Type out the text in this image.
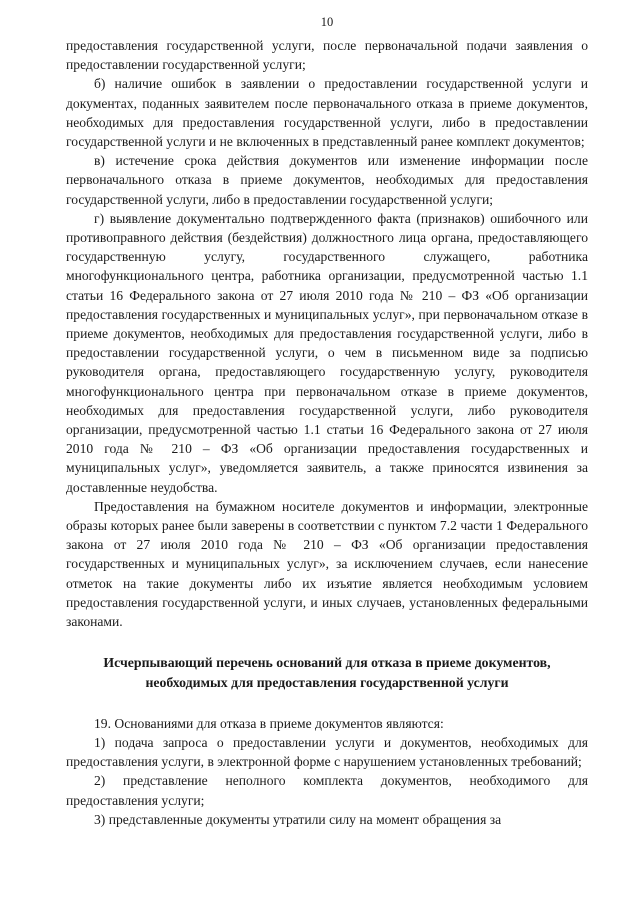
10

предоставления государственной услуги, после первоначальной подачи заявления о предоставлении государственной услуги;

б) наличие ошибок в заявлении о предоставлении государственной услуги и документах, поданных заявителем после первоначального отказа в приеме документов, необходимых для предоставления государственной услуги, либо в предоставлении государственной услуги и не включенных в представленный ранее комплект документов;

в) истечение срока действия документов или изменение информации после первоначального отказа в приеме документов, необходимых для предоставления государственной услуги, либо в предоставлении государственной услуги;

г) выявление документально подтвержденного факта (признаков) ошибочного или противоправного действия (бездействия) должностного лица органа, предоставляющего государственную услугу, государственного служащего, работника многофункционального центра, работника организации, предусмотренной частью 1.1 статьи 16 Федерального закона от 27 июля 2010 года № 210 – ФЗ «Об организации предоставления государственных и муниципальных услуг», при первоначальном отказе в приеме документов, необходимых для предоставления государственной услуги, либо в предоставлении государственной услуги, о чем в письменном виде за подписью руководителя органа, предоставляющего государственную услугу, руководителя многофункционального центра при первоначальном отказе в приеме документов, необходимых для предоставления государственной услуги, либо руководителя организации, предусмотренной частью 1.1 статьи 16 Федерального закона от 27 июля 2010 года № 210 – ФЗ «Об организации предоставления государственных и муниципальных услуг», уведомляется заявитель, а также приносятся извинения за доставленные неудобства.

Предоставления на бумажном носителе документов и информации, электронные образы которых ранее были заверены в соответствии с пунктом 7.2 части 1 Федерального закона от 27 июля 2010 года № 210 – ФЗ «Об организации предоставления государственных и муниципальных услуг», за исключением случаев, если нанесение отметок на такие документы либо их изъятие является необходимым условием предоставления государственной услуги, и иных случаев, установленных федеральными законами.

Исчерпывающий перечень оснований для отказа в приеме документов, необходимых для предоставления государственной услуги

19. Основаниями для отказа в приеме документов являются:

1) подача запроса о предоставлении услуги и документов, необходимых для предоставления услуги, в электронной форме с нарушением установленных требований;

2) представление неполного комплекта документов, необходимого для предоставления услуги;

3) представленные документы утратили силу на момент обращения за
